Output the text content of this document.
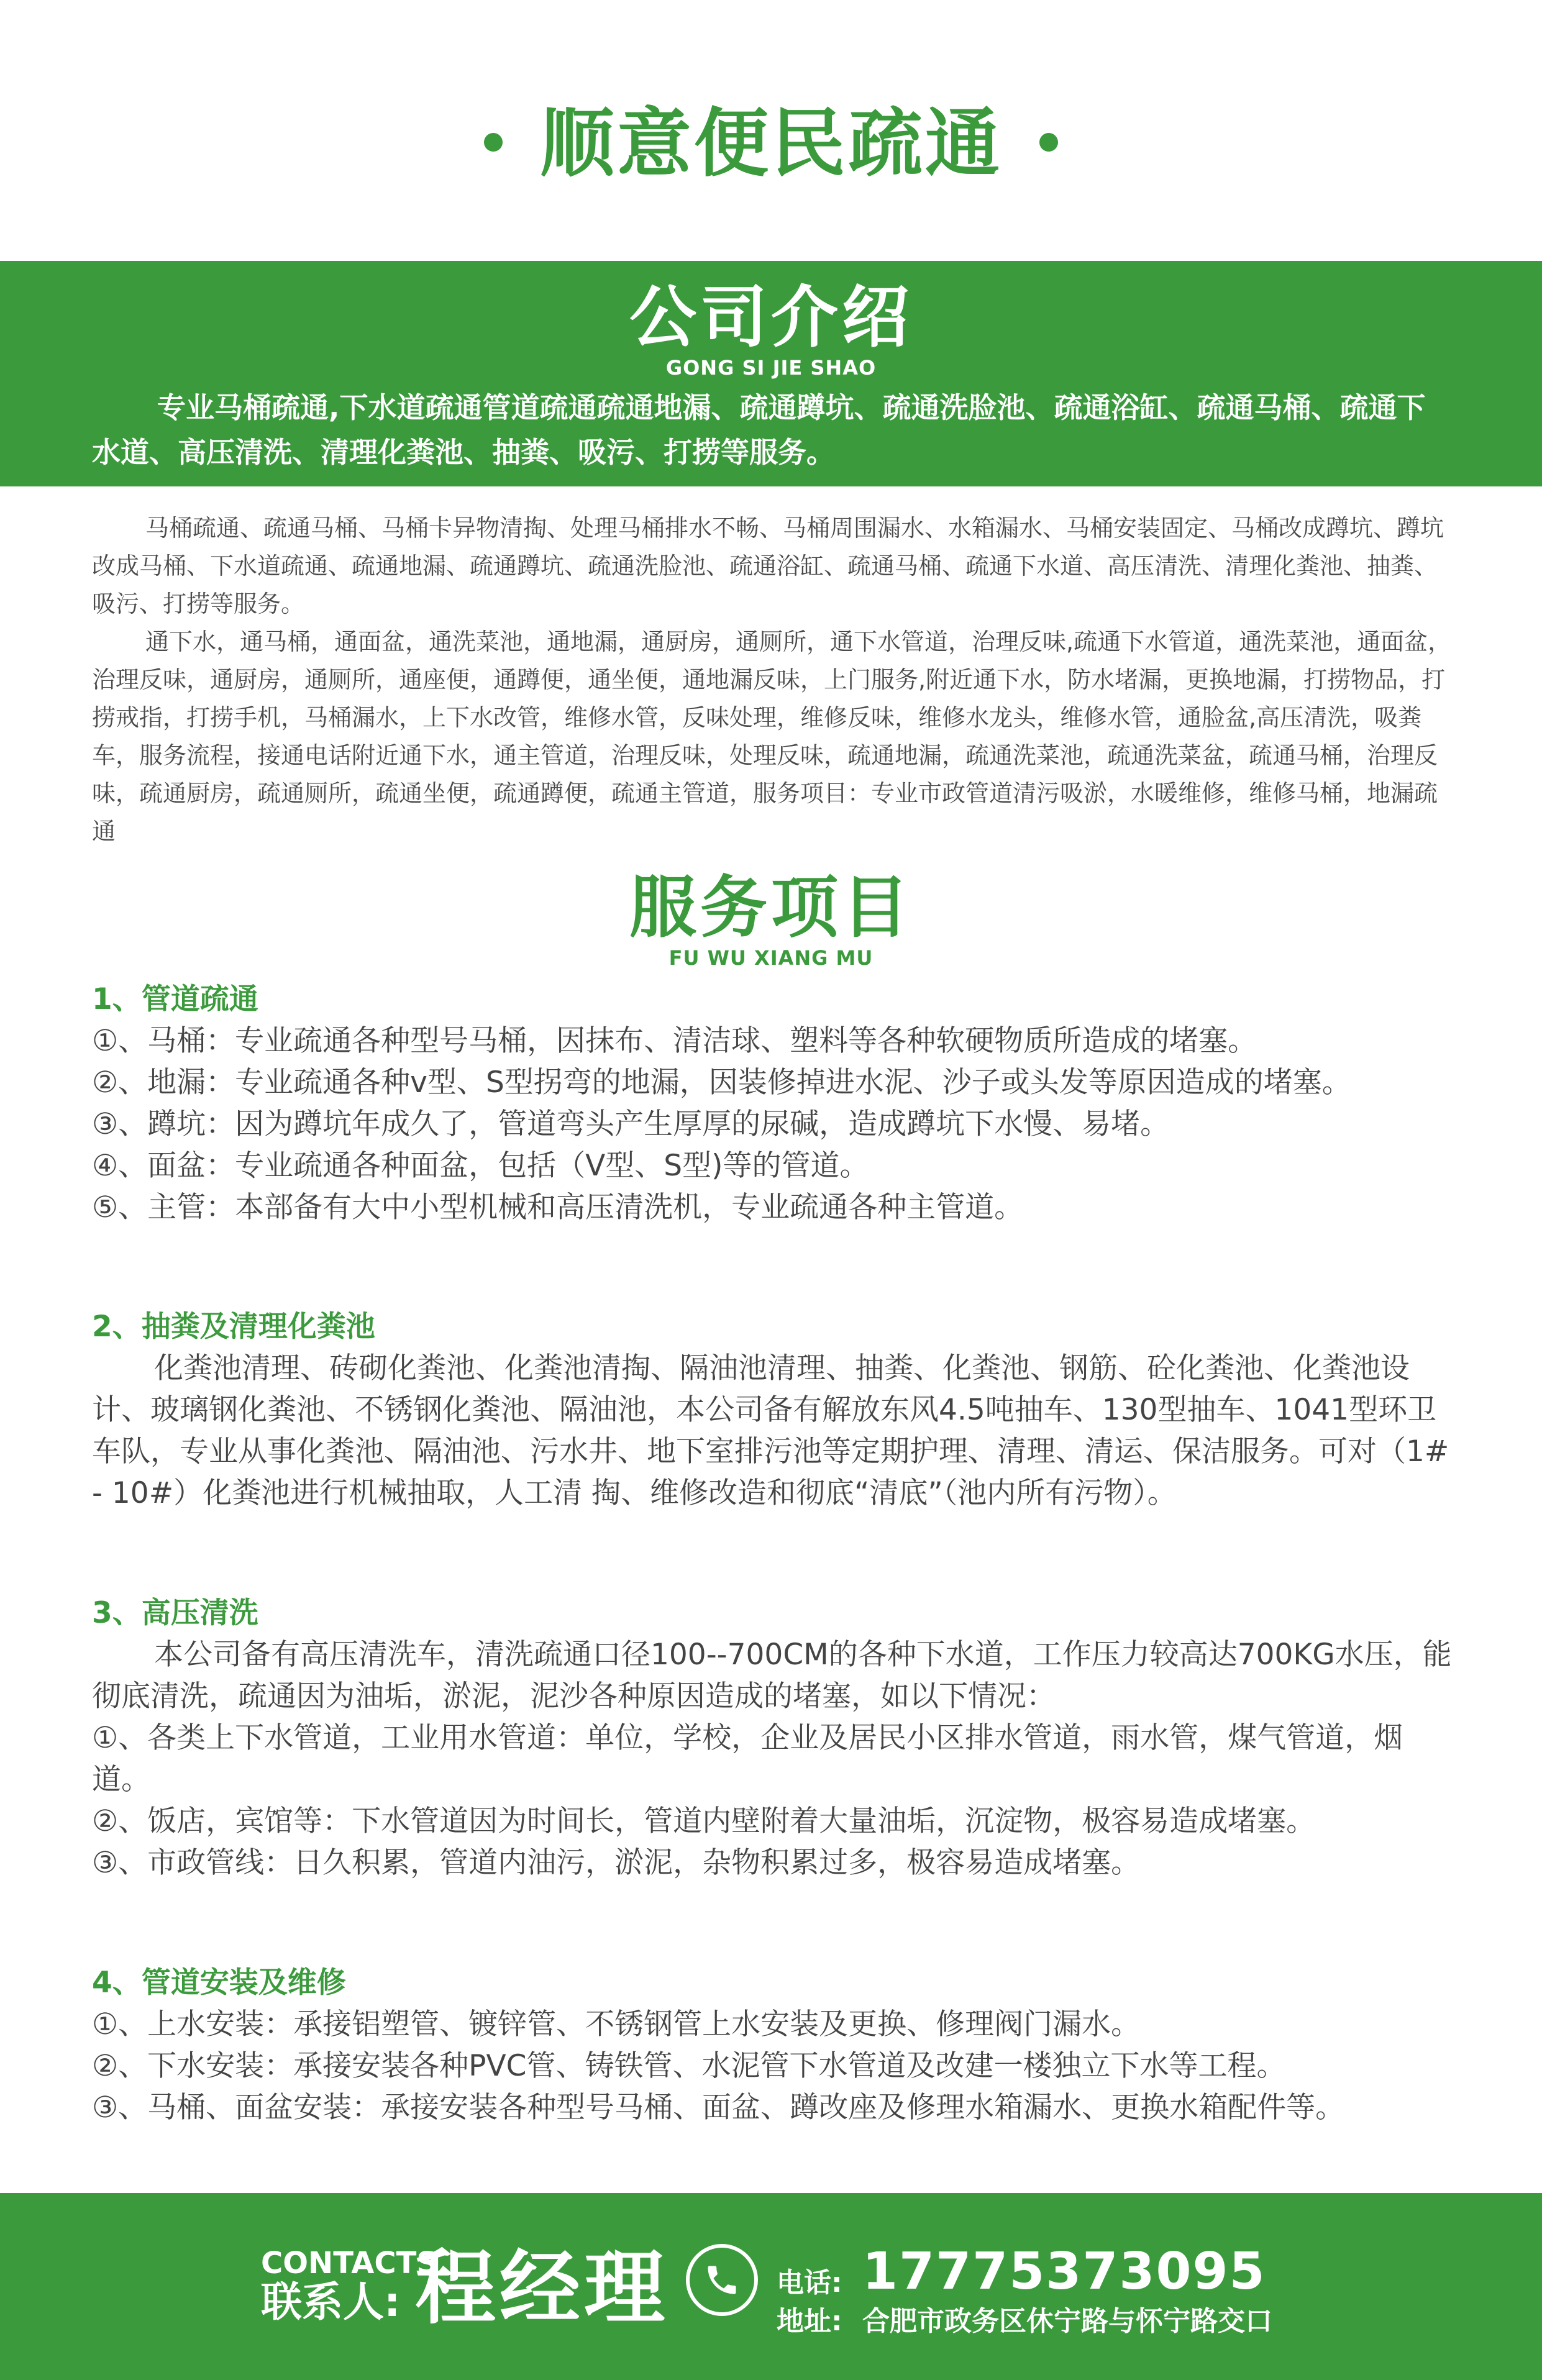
顺意便民疏通
公司介绍
GONG SI JIE SHAO
专业马桶疏通,下水道疏通管道疏通疏通地漏、疏通蹲坑、疏通洗脸池、疏通浴缸、疏通马桶、疏通下水道、高压清洗、清理化粪池、抽粪、吸污、打捞等服务。
马桶疏通、疏通马桶、马桶卡异物清掏、处理马桶排水不畅、马桶周围漏水、水箱漏水、马桶安装固定、马桶改成蹲坑、蹲坑改成马桶、下水道疏通、疏通地漏、疏通蹲坑、疏通洗脸池、疏通浴缸、疏通马桶、疏通下水道、高压清洗、清理化粪池、抽粪、吸污、打捞等服务。
通下水，通马桶，通面盆，通洗菜池，通地漏，通厨房，通厕所，通下水管道，治理反味,疏通下水管道，通洗菜池，通面盆，治理反味，通厨房，通厕所，通座便，通蹲便，通坐便，通地漏反味，上门服务,附近通下水，防水堵漏，更换地漏，打捞物品，打捞戒指，打捞手机，马桶漏水，上下水改管，维修水管，反味处理，维修反味，维修水龙头，维修水管，通脸盆,高压清洗，吸粪车，服务流程，接通电话附近通下水，通主管道，治理反味，处理反味，疏通地漏，疏通洗菜池，疏通洗菜盆，疏通马桶，治理反味，疏通厨房，疏通厕所，疏通坐便，疏通蹲便，疏通主管道，服务项目：专业市政管道清污吸淤，水暖维修，维修马桶，地漏疏通
服务项目
FU WU XIANG MU

1、管道疏通

①、马桶：专业疏通各种型号马桶，因抹布、清洁球、塑料等各种软硬物质所造成的堵塞。

②、地漏：专业疏通各种v型、S型拐弯的地漏，因装修掉进水泥、沙子或头发等原因造成的堵塞。

③、蹲坑：因为蹲坑年成久了，管道弯头产生厚厚的尿碱，造成蹲坑下水慢、易堵。

④、面盆：专业疏通各种面盆，包括（V型、S型)等的管道。

⑤、主管：本部备有大中小型机械和高压清洗机，专业疏通各种主管道。

2、抽粪及清理化粪池

化粪池清理、砖砌化粪池、化粪池清掏、隔油池清理、抽粪、化粪池、钢筋、砼化粪池、化粪池设计、玻璃钢化粪池、不锈钢化粪池、隔油池，本公司备有解放东风4.5吨抽车、130型抽车、1041型环卫车队，专业从事化粪池、隔油池、污水井、地下室排污池等定期护理、清理、清运、保洁服务。可对（1# - 10#）化粪池进行机械抽取，人工清 掏、维修改造和彻底“清底”（池内所有污物）。

3、高压清洗

本公司备有高压清洗车，清洗疏通口径100--700CM的各种下水道，工作压力较高达700KG水压，能彻底清洗，疏通因为油垢，淤泥，泥沙各种原因造成的堵塞，如以下情况：

①、各类上下水管道，工业用水管道：单位，学校，企业及居民小区排水管道，雨水管，煤气管道，烟道。

②、饭店，宾馆等：下水管道因为时间长，管道内壁附着大量油垢，沉淀物，极容易造成堵塞。

③、市政管线：日久积累，管道内油污，淤泥，杂物积累过多，极容易造成堵塞。

4、管道安装及维修

①、上水安装：承接铝塑管、镀锌管、不锈钢管上水安装及更换、修理阀门漏水。

②、下水安装：承接安装各种PVC管、铸铁管、水泥管下水管道及改建一楼独立下水等工程。

③、马桶、面盆安装：承接安装各种型号马桶、面盆、蹲改座及修理水箱漏水、更换水箱配件等。

CONTACTS
联系人: 程经理	电话: 17775373095
地址: 合肥市政务区休宁路与怀宁路交口
